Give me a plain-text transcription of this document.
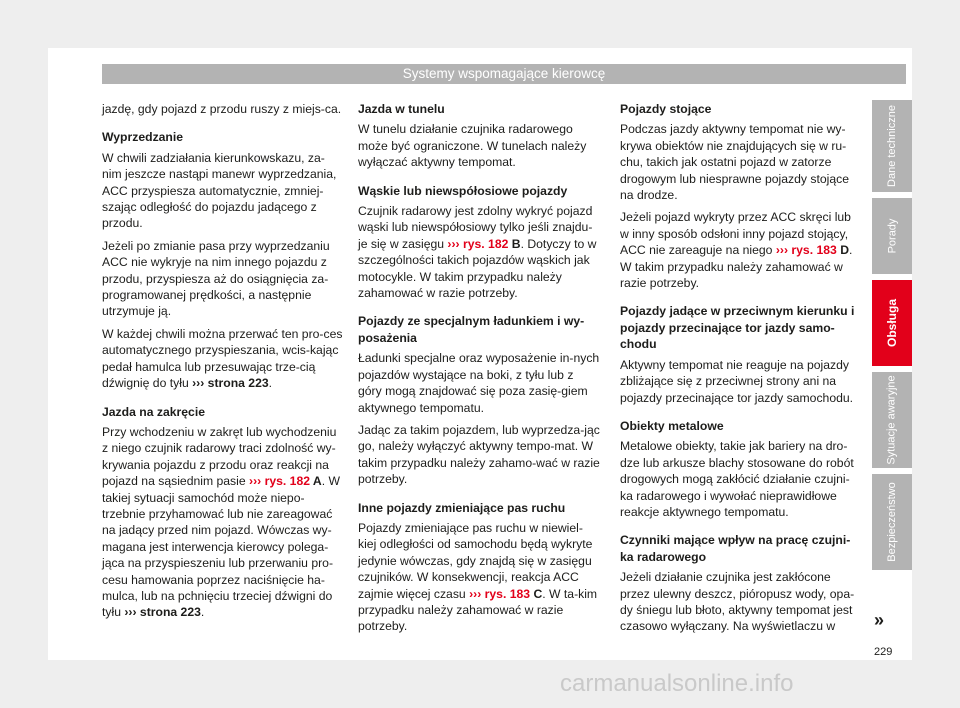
Systemy wspomagające kierowcę

jazdę, gdy pojazd z przodu ruszy z miejs-ca.

Wyprzedzanie

W chwili zadziałania kierunkowskazu, za-nim jeszcze nastąpi manewr wyprzedzania, ACC przyspiesza automatycznie, zmniej-szając odległość do pojazdu jadącego z przodu.

Jeżeli po zmianie pasa przy wyprzedzaniu ACC nie wykryje na nim innego pojazdu z przodu, przyspiesza aż do osiągnięcia za-programowanej prędkości, a następnie utrzymuje ją.

W każdej chwili można przerwać ten pro-ces automatycznego przyspieszania, wcis-kając pedał hamulca lub przesuwając trze-cią dźwignię do tyłu ››› strona 223.

Jazda na zakręcie

Przy wchodzeniu w zakręt lub wychodzeniu z niego czujnik radarowy traci zdolność wy-krywania pojazdu z przodu oraz reakcji na pojazd na sąsiednim pasie ››› rys. 182 A. W takiej sytuacji samochód może niepo-trzebnie przyhamować lub nie zareagować na jadący przed nim pojazd. Wówczas wy-magana jest interwencja kierowcy polega-jąca na przyspieszeniu lub przerwaniu pro-cesu hamowania poprzez naciśnięcie ha-mulca, lub na pchnięciu trzeciej dźwigni do tyłu ››› strona 223.

Jazda w tunelu

W tunelu działanie czujnika radarowego może być ograniczone. W tunelach należy wyłączać aktywny tempomat.

Wąskie lub niewspółosiowe pojazdy

Czujnik radarowy jest zdolny wykryć pojazd wąski lub niewspółosiowy tylko jeśli znajdu-je się w zasięgu ››› rys. 182 B. Dotyczy to w szczególności takich pojazdów wąskich jak motocykle. W takim przypadku należy zahamować w razie potrzeby.

Pojazdy ze specjalnym ładunkiem i wy-posażenia

Ładunki specjalne oraz wyposażenie in-nych pojazdów wystające na boki, z tyłu lub z góry mogą znajdować się poza zasię-giem aktywnego tempomatu.

Jadąc za takim pojazdem, lub wyprzedza-jąc go, należy wyłączyć aktywny tempo-mat. W takim przypadku należy zahamo-wać w razie potrzeby.

Inne pojazdy zmieniające pas ruchu

Pojazdy zmieniające pas ruchu w niewiel-kiej odległości od samochodu będą wykryte jedynie wówczas, gdy znajdą się w zasięgu czujników. W konsekwencji, reakcja ACC zajmie więcej czasu ››› rys. 183 C. W ta-kim przypadku należy zahamować w razie potrzeby.

Pojazdy stojące

Podczas jazdy aktywny tempomat nie wy-krywa obiektów nie znajdujących się w ru-chu, takich jak ostatni pojazd w zatorze drogowym lub niesprawne pojazdy stojące na drodze.

Jeżeli pojazd wykryty przez ACC skręci lub w inny sposób odsłoni inny pojazd stojący, ACC nie zareaguje na niego ››› rys. 183 D. W takim przypadku należy zahamować w razie potrzeby.

Pojazdy jadące w przeciwnym kierunku i pojazdy przecinające tor jazdy samo-chodu

Aktywny tempomat nie reaguje na pojazdy zbliżające się z przeciwnej strony ani na pojazdy przecinające tor jazdy samochodu.

Obiekty metalowe

Metalowe obiekty, takie jak bariery na dro-dze lub arkusze blachy stosowane do robót drogowych mogą zakłócić działanie czujni-ka radarowego i wywołać nieprawidłowe reakcje aktywnego tempomatu.

Czynniki mające wpływ na pracę czujni-ka radarowego

Jeżeli działanie czujnika jest zakłócone przez ulewny deszcz, pióropusz wody, opa-dy śniegu lub błoto, aktywny tempomat jest czasowo wyłączany. Na wyświetlaczu w

Dane techniczne
Porady
Obsługa
Sytuacje awaryjne
Bezpieczeństwo
»
229
carmanualsonline.info
